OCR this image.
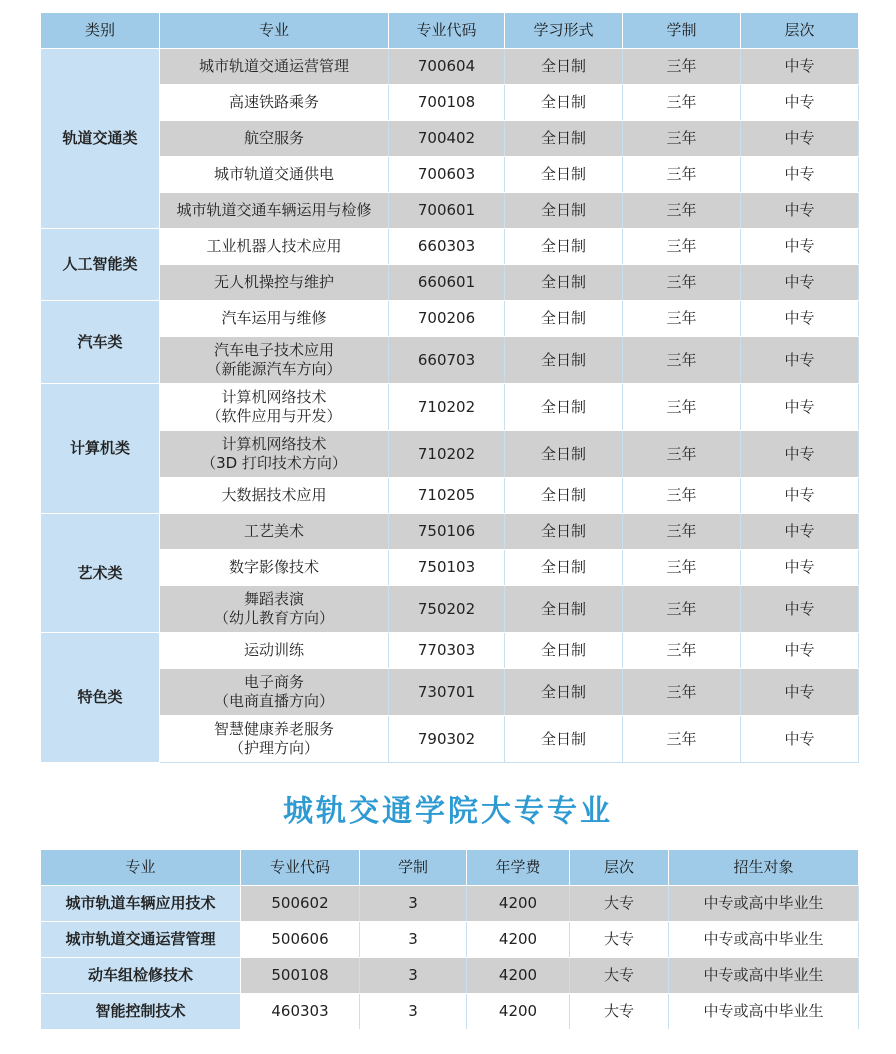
类别	专业	专业代码	学习形式	学制	层次
轨道交通类	城市轨道交通运营管理	700604	全日制	三年	中专

	高速铁路乘务	700108	全日制	三年	中专

	航空服务	700402	全日制	三年	中专

	城市轨道交通供电	700603	全日制	三年	中专

	城市轨道交通车辆运用与检修	700601	全日制	三年	中专
人工智能类	工业机器人技术应用	660303	全日制	三年	中专

	无人机操控与维护	660601	全日制	三年	中专
汽车类	汽车运用与维修	700206	全日制	三年	中专

	汽车电子技术应用
（新能源汽车方向）	660703	全日制	三年	中专
计算机类	计算机网络技术
（软件应用与开发）	710202	全日制	三年	中专

	计算机网络技术
（3D 打印技术方向）	710202	全日制	三年	中专

	大数据技术应用	710205	全日制	三年	中专
艺术类	工艺美术	750106	全日制	三年	中专

	数字影像技术	750103	全日制	三年	中专

	舞蹈表演
（幼儿教育方向）	750202	全日制	三年	中专
特色类	运动训练	770303	全日制	三年	中专

	电子商务
（电商直播方向）	730701	全日制	三年	中专

	智慧健康养老服务
（护理方向）	790302	全日制	三年	中专
城轨交通学院大专专业
专业	专业代码	学制	年学费	层次	招生对象
城市轨道车辆应用技术	500602	3	4200	大专	中专或高中毕业生
城市轨道交通运营管理	500606	3	4200	大专	中专或高中毕业生
动车组检修技术	500108	3	4200	大专	中专或高中毕业生
智能控制技术	460303	3	4200	大专	中专或高中毕业生
